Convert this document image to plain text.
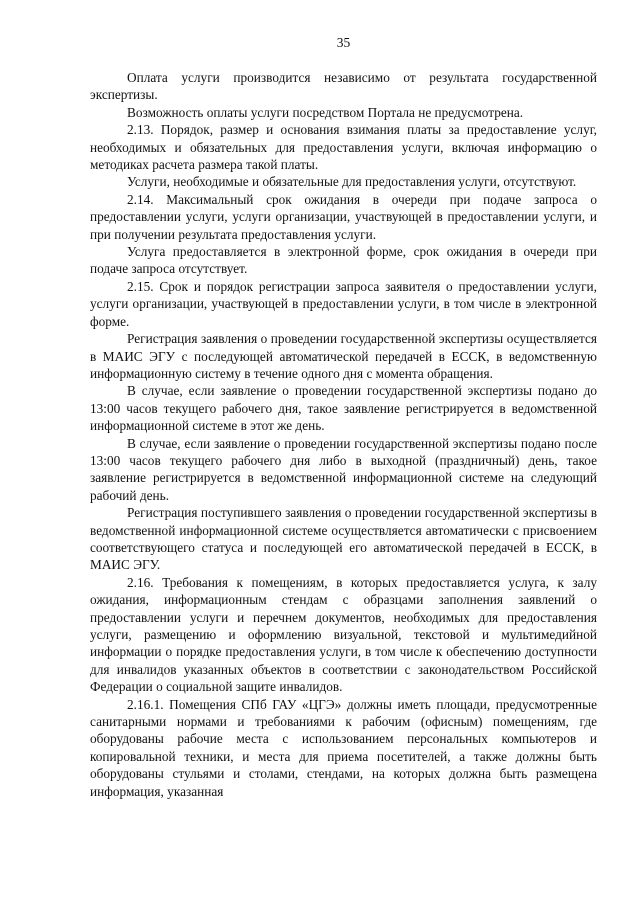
35

Оплата услуги производится независимо от результата государственной экспертизы.

Возможность оплаты услуги посредством Портала не предусмотрена.

2.13. Порядок, размер и основания взимания платы за предоставление услуг, необходимых и обязательных для предоставления услуги, включая информацию о методиках расчета размера такой платы.

Услуги, необходимые и обязательные для предоставления услуги, отсутствуют.

2.14. Максимальный срок ожидания в очереди при подаче запроса о предоставлении услуги, услуги организации, участвующей в предоставлении услуги, и при получении результата предоставления услуги.

Услуга предоставляется в электронной форме, срок ожидания в очереди при подаче запроса отсутствует.

2.15. Срок и порядок регистрации запроса заявителя о предоставлении услуги, услуги организации, участвующей в предоставлении услуги, в том числе в электронной форме.

Регистрация заявления о проведении государственной экспертизы осуществляется в МАИС ЭГУ с последующей автоматической передачей в ЕССК, в ведомственную информационную систему в течение одного дня с момента обращения.

В случае, если заявление о проведении государственной экспертизы подано до 13:00 часов текущего рабочего дня, такое заявление регистрируется в ведомственной информационной системе в этот же день.

В случае, если заявление о проведении государственной экспертизы подано после 13:00 часов текущего рабочего дня либо в выходной (праздничный) день, такое заявление регистрируется в ведомственной информационной системе на следующий рабочий день.

Регистрация поступившего заявления о проведении государственной экспертизы в ведомственной информационной системе осуществляется автоматически с присвоением соответствующего статуса и последующей его автоматической передачей в ЕССК, в МАИС ЭГУ.

2.16. Требования к помещениям, в которых предоставляется услуга, к залу ожидания, информационным стендам с образцами заполнения заявлений о предоставлении услуги и перечнем документов, необходимых для предоставления услуги, размещению и оформлению визуальной, текстовой и мультимедийной информации о порядке предоставления услуги, в том числе к обеспечению доступности для инвалидов указанных объектов в соответствии с законодательством Российской Федерации о социальной защите инвалидов.

2.16.1. Помещения СПб ГАУ «ЦГЭ» должны иметь площади, предусмотренные санитарными нормами и требованиями к рабочим (офисным) помещениям, где оборудованы рабочие места с использованием персональных компьютеров и копировальной техники, и места для приема посетителей, а также должны быть оборудованы стульями и столами, стендами, на которых должна быть размещена информация, указанная
